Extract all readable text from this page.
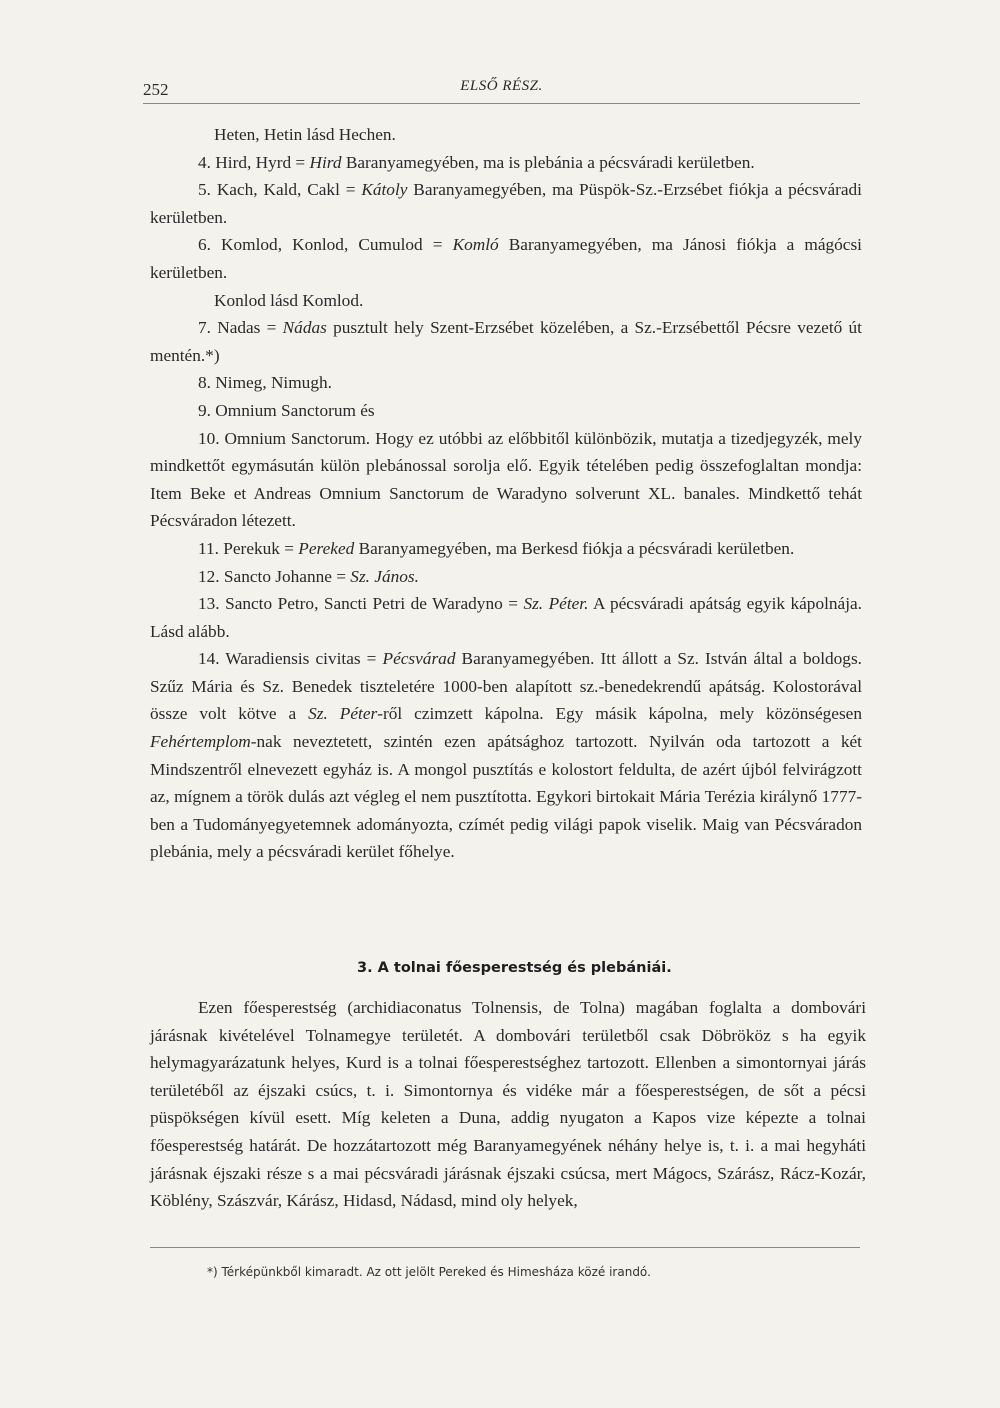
252	ELSŐ RÉSZ.

Heten, Hetin lásd Hechen.

4. Hird, Hyrd = Hird Baranyamegyében, ma is plebánia a pécsváradi kerületben.

5. Kach, Kald, Cakl = Kátoly Baranyamegyében, ma Püspök-Sz.-Erzsébet fiókja a pécsváradi kerületben.

6. Komlod, Konlod, Cumulod = Komló Baranyamegyében, ma Jánosi fiókja a mágócsi kerületben.

Konlod lásd Komlod.

7. Nadas = Nádas pusztult hely Szent-Erzsébet közelében, a Sz.-Erzsébettől Pécsre vezető út mentén.*)

8. Nimeg, Nimugh.

9. Omnium Sanctorum és

10. Omnium Sanctorum. Hogy ez utóbbi az előbbitől különbözik, mutatja a tizedjegyzék, mely mindkettőt egymásután külön plebánossal sorolja elő. Egyik tételében pedig összefoglaltan mondja: Item Beke et Andreas Omnium Sanctorum de Waradyno solverunt XL. banales. Mindkettő tehát Pécsváradon létezett.

11. Perekuk = Pereked Baranyamegyében, ma Berkesd fiókja a pécsváradi kerületben.

12. Sancto Johanne = Sz. János.

13. Sancto Petro, Sancti Petri de Waradyno = Sz. Péter. A pécsváradi apátság egyik kápolnája. Lásd alább.

14. Waradiensis civitas = Pécsvárad Baranyamegyében. Itt állott a Sz. István által a boldogs. Szűz Mária és Sz. Benedek tiszteletére 1000-ben alapított sz.-benedekrendű apátság. Kolostorával össze volt kötve a Sz. Péter-ről czimzett kápolna. Egy másik kápolna, mely közönségesen Fehértemplom-nak neveztetett, szintén ezen apátsághoz tartozott. Nyilván oda tartozott a két Mindszentről elnevezett egyház is. A mongol pusztítás e kolostort feldulta, de azért újból felvirágzott az, mígnem a török dulás azt végleg el nem pusztította. Egykori birtokait Mária Terézia királynő 1777-ben a Tudományegyetemnek adományozta, czímét pedig világi papok viselik. Maig van Pécsváradon plebánia, mely a pécsváradi kerület főhelye.

3. A tolnai főesperestség és plebániái.

Ezen főesperestség (archidiaconatus Tolnensis, de Tolna) magában foglalta a dombovári járásnak kivételével Tolnamegye területét. A dombovári területből csak Döbrököz s ha egyik helymagyarázatunk helyes, Kurd is a tolnai főesperestséghez tartozott. Ellenben a simontornyai járás területéből az éjszaki csúcs, t. i. Simontornya és vidéke már a főesperestségen, de sőt a pécsi püspökségen kívül esett. Míg keleten a Duna, addig nyugaton a Kapos vize képezte a tolnai főesperestség határát. De hozzátartozott még Baranyamegyének néhány helye is, t. i. a mai hegyháti járásnak éjszaki része s a mai pécsváradi járásnak éjszaki csúcsa, mert Mágocs, Szárász, Rácz-Kozár, Köblény, Szászvár, Kárász, Hidasd, Nádasd, mind oly helyek,

*) Térképünkből kimaradt. Az ott jelölt Pereked és Himesháza közé irandó.
